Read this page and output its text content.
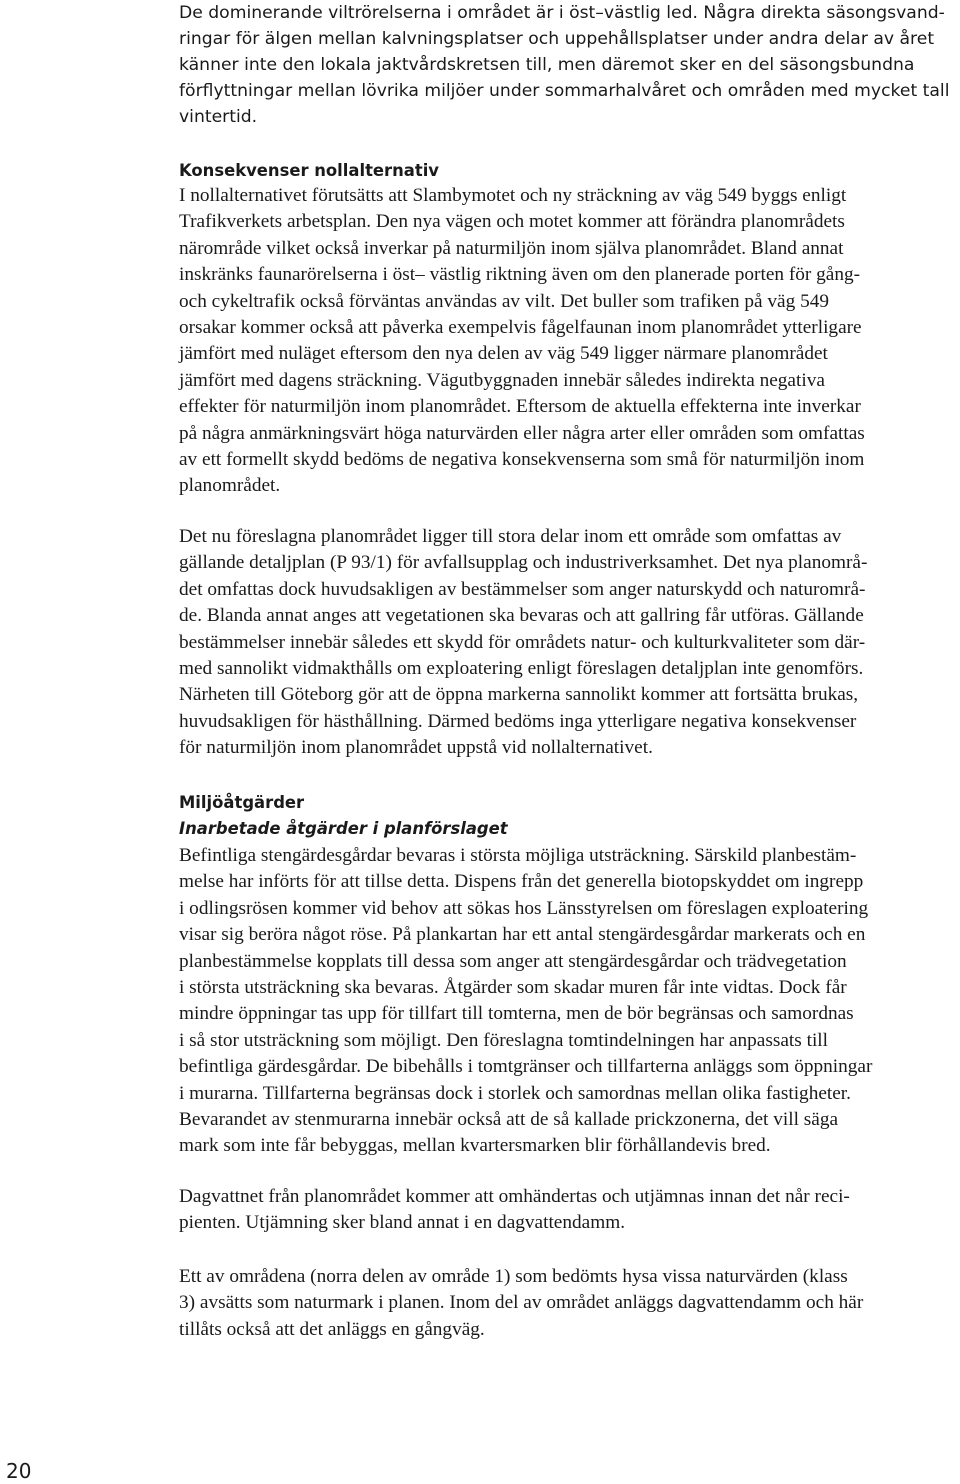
De dominerande viltrörelserna i området är i öst–västlig led. Några direkta säsongsvand-
ringar för älgen mellan kalvningsplatser och uppehållsplatser under andra delar av året
känner inte den lokala jaktvårdskretsen till, men däremot sker en del säsongsbundna
förflyttningar mellan lövrika miljöer under sommarhalvåret och områden med mycket tall
vintertid.
Konsekvenser nollalternativ
I nollalternativet förutsätts att Slambymotet och ny sträckning av väg 549 byggs enligt
Trafikverkets arbetsplan. Den nya vägen och motet kommer att förändra planområdets
närområde vilket också inverkar på naturmiljön inom själva planområdet. Bland annat
inskränks faunarörelserna i öst– västlig riktning även om den planerade porten för gång-
och cykeltrafik också förväntas användas av vilt. Det buller som trafiken på väg 549
orsakar kommer också att påverka exempelvis fågelfaunan inom planområdet ytterligare
jämfört med nuläget eftersom den nya delen av väg 549 ligger närmare planområdet
jämfört med dagens sträckning. Vägutbyggnaden innebär således indirekta negativa
effekter för naturmiljön inom planområdet. Eftersom de aktuella effekterna inte inverkar
på några anmärkningsvärt höga naturvärden eller några arter eller områden som omfattas
av ett formellt skydd bedöms de negativa konsekvenserna som små för naturmiljön inom
planområdet.
Det nu föreslagna planområdet ligger till stora delar inom ett område som omfattas av
gällande detaljplan (P 93/1) för avfallsupplag och industriverksamhet. Det nya planområ-
det omfattas dock huvudsakligen av bestämmelser som anger naturskydd och naturområ-
de. Blanda annat anges att vegetationen ska bevaras och att gallring får utföras. Gällande
bestämmelser innebär således ett skydd för områdets natur- och kulturkvaliteter som där-
med sannolikt vidmakthålls om exploatering enligt föreslagen detaljplan inte genomförs.
Närheten till Göteborg gör att de öppna markerna sannolikt kommer att fortsätta brukas,
huvudsakligen för hästhållning. Därmed bedöms inga ytterligare negativa konsekvenser
för naturmiljön inom planområdet uppstå vid nollalternativet.
Miljöåtgärder
Inarbetade åtgärder i planförslaget
Befintliga stengärdesgårdar bevaras i största möjliga utsträckning. Särskild planbestäm-
melse har införts för att tillse detta. Dispens från det generella biotopskyddet om ingrepp
i odlingsrösen kommer vid behov att sökas hos Länsstyrelsen om föreslagen exploatering
visar sig beröra något röse. På plankartan har ett antal stengärdesgårdar markerats och en
planbestämmelse kopplats till dessa som anger att stengärdesgårdar och trädvegetation
i största utsträckning ska bevaras. Åtgärder som skadar muren får inte vidtas. Dock får
mindre öppningar tas upp för tillfart till tomterna, men de bör begränsas och samordnas
i så stor utsträckning som möjligt. Den föreslagna tomtindelningen har anpassats till
befintliga gärdesgårdar. De bibehålls i tomtgränser och tillfarterna anläggs som öppningar
i murarna. Tillfarterna begränsas dock i storlek och samordnas mellan olika fastigheter.
Bevarandet av stenmurarna innebär också att de så kallade prickzonerna, det vill säga
mark som inte får bebyggas, mellan kvartersmarken blir förhållandevis bred.
Dagvattnet från planområdet kommer att omhändertas och utjämnas innan det når reci-
pienten. Utjämning sker bland annat i en dagvattendamm.
Ett av områdena (norra delen av område 1) som bedömts hysa vissa naturvärden (klass
3) avsätts som naturmark i planen. Inom del av området anläggs dagvattendamm och här
tillåts också att det anläggs en gångväg.
20
